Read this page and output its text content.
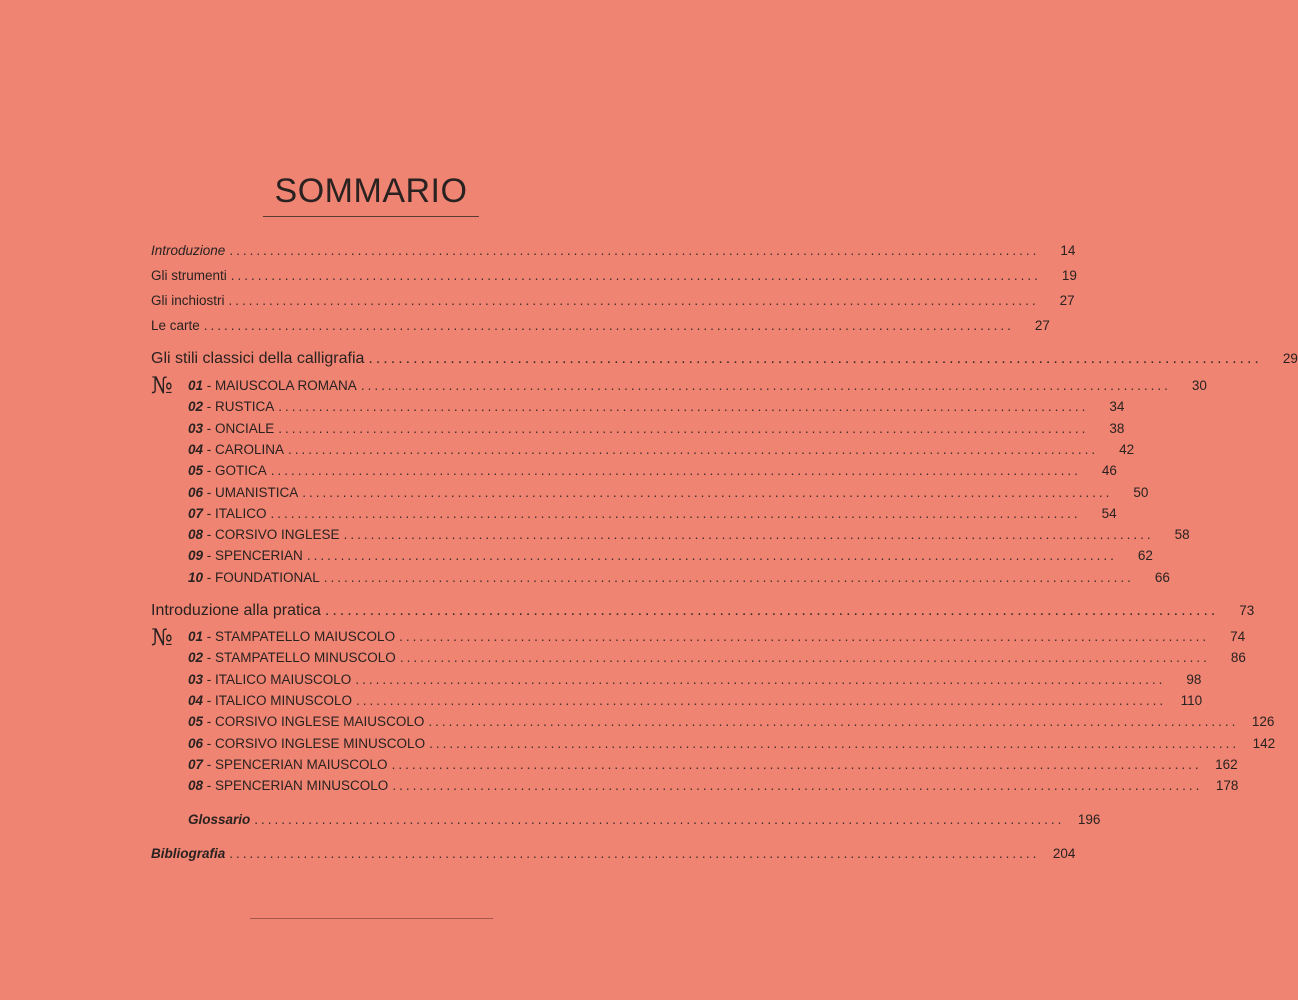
SOMMARIO
Introduzione ........................................................................................................................	14
Gli strumenti ........................................................................................................................	19
Gli inchiostri ........................................................................................................................	27
Le carte ........................................................................................................................	27
Gli stili classici della calligrafia ........................................................................................................................	29
№ 01 - MAIUSCOLA ROMANA ........................................................................................................................	30
02 - RUSTICA ........................................................................................................................	34
03 - ONCIALE ........................................................................................................................	38
04 - CAROLINA ........................................................................................................................	42
05 - GOTICA ........................................................................................................................	46
06 - UMANISTICA ........................................................................................................................	50
07 - ITALICO ........................................................................................................................	54
08 - CORSIVO INGLESE ........................................................................................................................	58
09 - SPENCERIAN ........................................................................................................................	62
10 - FOUNDATIONAL ........................................................................................................................	66
Introduzione alla pratica ........................................................................................................................	73
№ 01 - STAMPATELLO MAIUSCOLO ........................................................................................................................	74
02 - STAMPATELLO MINUSCOLO ........................................................................................................................	86
03 - ITALICO MAIUSCOLO ........................................................................................................................	98
04 - ITALICO MINUSCOLO ........................................................................................................................	110
05 - CORSIVO INGLESE MAIUSCOLO ........................................................................................................................ 126
06 - CORSIVO INGLESE MINUSCOLO ........................................................................................................................ 142
07 - SPENCERIAN MAIUSCOLO ........................................................................................................................ 162
08 - SPENCERIAN MINUSCOLO ........................................................................................................................ 178
Glossario ........................................................................................................................ 196
Bibliografia ........................................................................................................................ 204
